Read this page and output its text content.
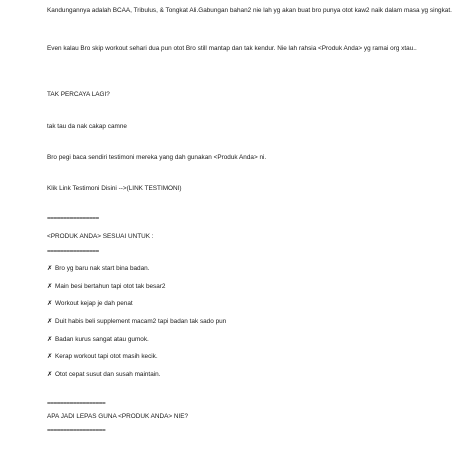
Kandungannya adalah BCAA, Tribulus, & Tongkat Ali.Gabungan bahan2 nie lah yg akan buat bro punya otot kaw2 naik dalam masa yg singkat.
Even kalau Bro skip workout sehari dua pun otot Bro still mantap dan tak kendur. Nie lah rahsia <Produk Anda> yg ramai org xtau..
TAK PERCAYA LAGI?
tak tau da nak cakap camne
Bro pegi baca sendiri testimoni mereka yang dah gunakan <Produk Anda> ni.
Klik Link Testimoni Disini -->(LINK TESTIMONI)
================
<PRODUK ANDA> SESUAI UNTUK :
================
✗ Bro yg baru nak start bina badan.
✗ Main besi bertahun tapi otot tak besar2
✗ Workout kejap je dah penat
✗ Duit habis beli supplement macam2 tapi badan tak sado pun
✗ Badan kurus sangat atau gumok.
✗ Kerap workout tapi otot masih kecik.
✗ Otot cepat susut dan susah maintain.
==================
APA JADI LEPAS GUNA <PRODUK ANDA> NIE?
==================
